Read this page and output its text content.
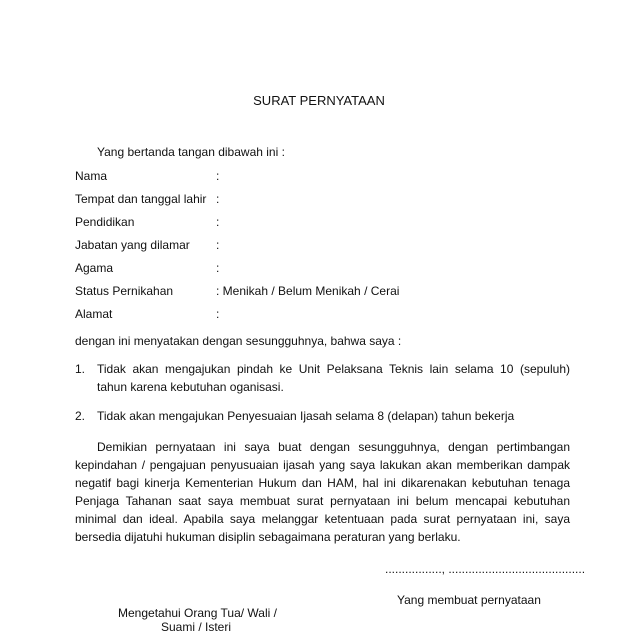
SURAT PERNYATAAN
Yang bertanda tangan dibawah ini :
Nama	:
Tempat dan tanggal lahir :
Pendidikan	:
Jabatan yang dilamar :
Agama	:
Status Pernikahan	: Menikah / Belum Menikah / Cerai
Alamat	:
dengan ini menyatakan dengan sesungguhnya, bahwa saya :
1. Tidak akan mengajukan pindah ke Unit Pelaksana Teknis lain selama 10 (sepuluh)
tahun karena kebutuhan oganisasi.
2. Tidak akan mengajukan Penyesuaian Ijasah selama 8 (delapan) tahun bekerja

Demikian pernyataan ini saya buat dengan sesungguhnya, dengan pertimbangan kepindahan / pengajuan penyusuaian ijasah yang saya lakukan akan memberikan dampak negatif bagi kinerja Kementerian Hukum dan HAM, hal ini dikarenakan kebutuhan tenaga Penjaga Tahanan saat saya membuat surat pernyataan ini belum mencapai kebutuhan minimal dan ideal. Apabila saya melanggar ketentuaan pada surat pernyataan ini, saya bersedia dijatuhi hukuman disiplin sebagaimana peraturan yang berlaku.

................., .........................................
Yang membuat pernyataan
Mengetahui Orang Tua/ Wali /
Suami / Isteri
